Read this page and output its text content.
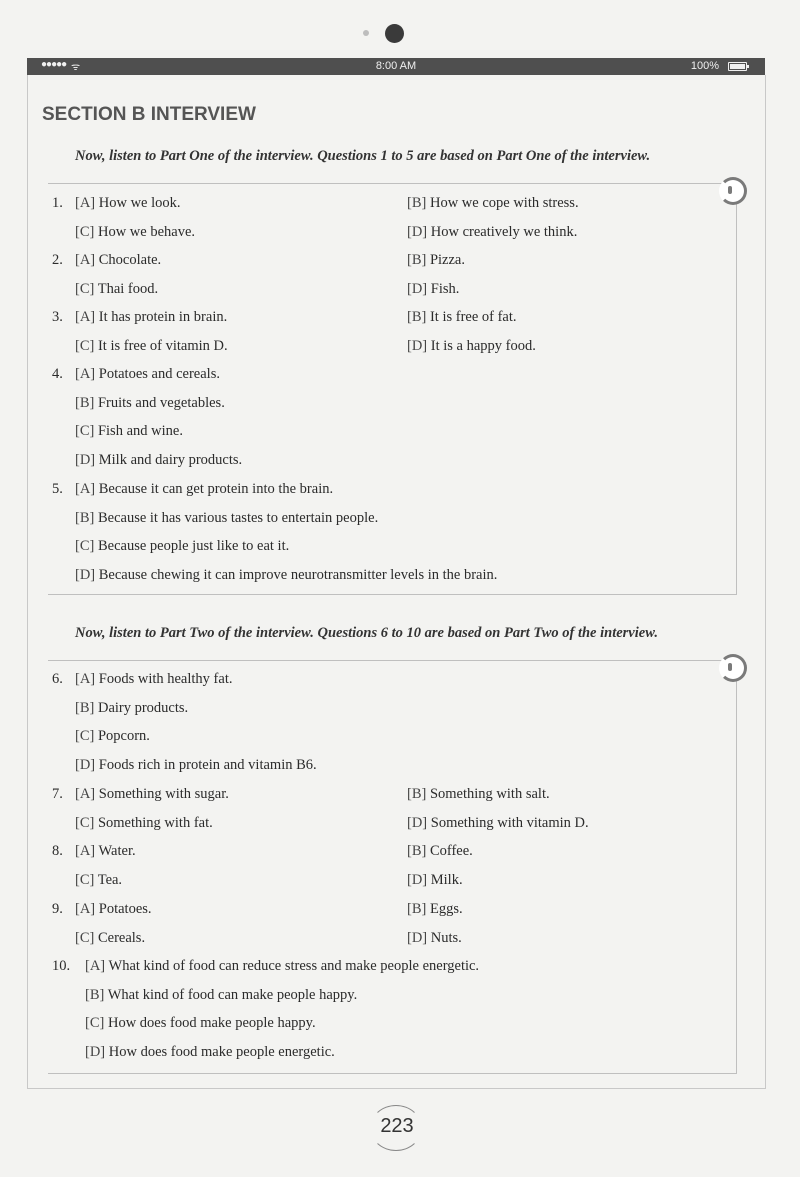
●●●●● ᯤ	8:00 AM	100%
SECTION B INTERVIEW
Now, listen to Part One of the interview. Questions 1 to 5 are based on Part One of the interview.
Now, listen to Part Two of the interview. Questions 6 to 10 are based on Part Two of the interview.
1. [A] How we look.	[B] How we cope with stress.
[C] How we behave.	[D] How creatively we think.
2. [A] Chocolate.	[B] Pizza.
[C] Thai food.	[D] Fish.
3. [A] It has protein in brain.	[B] It is free of fat.
[C] It is free of vitamin D.	[D] It is a happy food.
4. [A] Potatoes and cereals.
[B] Fruits and vegetables.
[C] Fish and wine.
[D] Milk and dairy products.
5. [A] Because it can get protein into the brain.
[B] Because it has various tastes to entertain people.
[C] Because people just like to eat it.
[D] Because chewing it can improve neurotransmitter levels in the brain.
6. [A] Foods with healthy fat.
[B] Dairy products.
[C] Popcorn.
[D] Foods rich in protein and vitamin B6.
7. [A] Something with sugar.	[B] Something with salt.
[C] Something with fat.	[D] Something with vitamin D.
8. [A] Water.	[B] Coffee.
[C] Tea.	[D] Milk.
9. [A] Potatoes.	[B] Eggs.
[C] Cereals.	[D] Nuts.
10. [A] What kind of food can reduce stress and make people energetic.
[B] What kind of food can make people happy.
[C] How does food make people happy.
[D] How does food make people energetic.
223
